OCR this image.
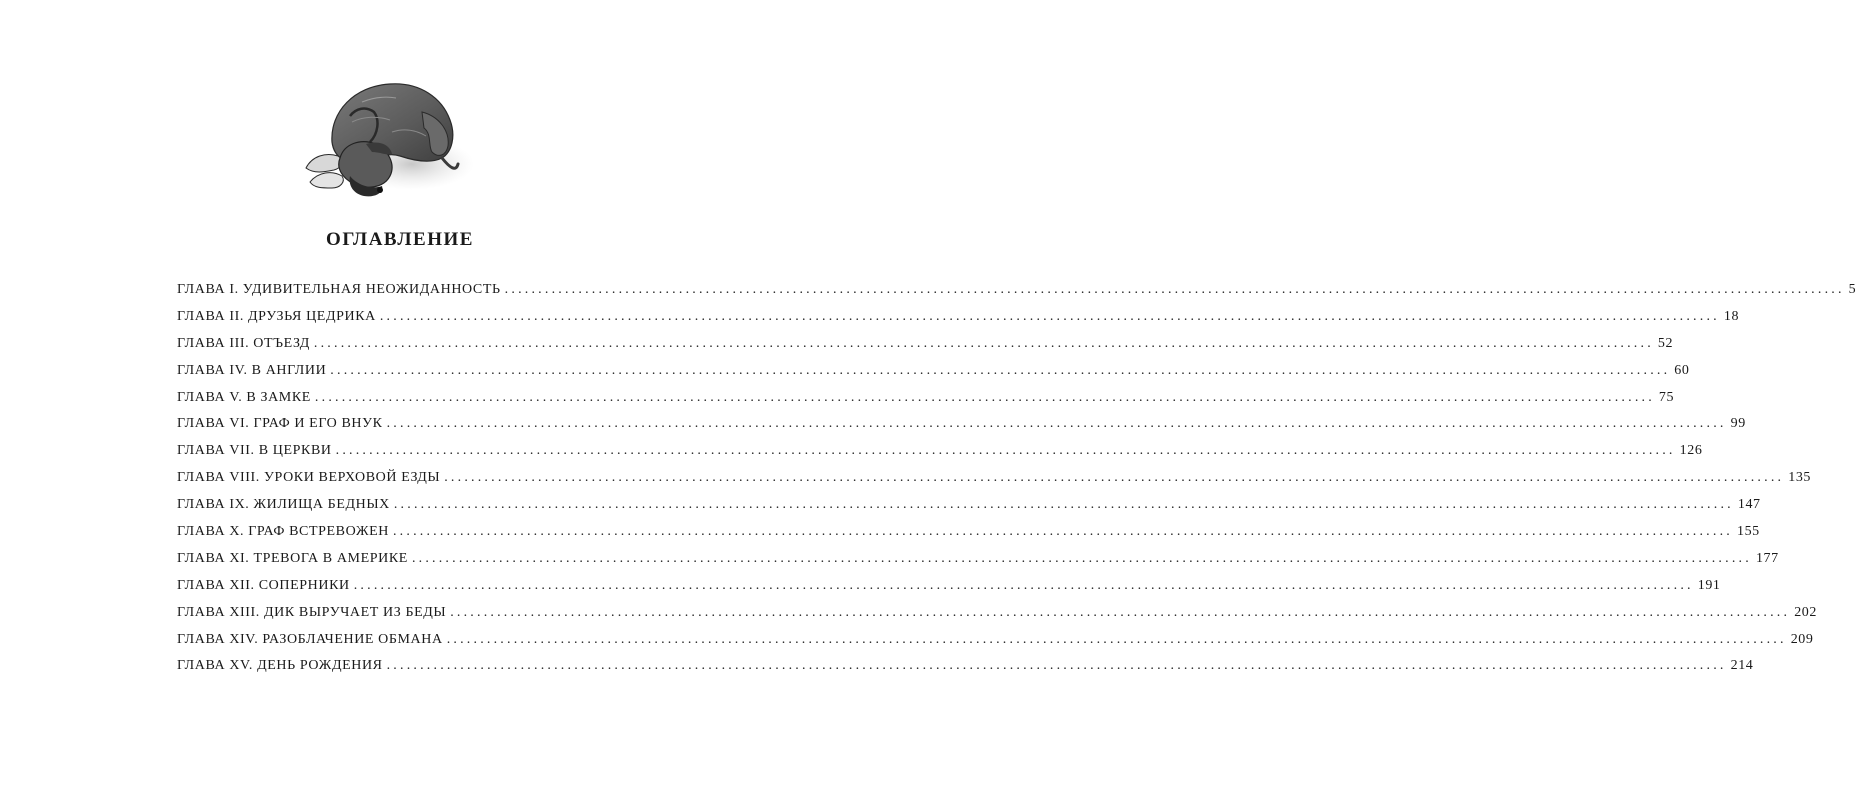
ОГЛАВЛЕНИЕ
ГЛАВА I. УДИВИТЕЛЬНАЯ НЕОЖИДАННОСТЬ ........................................................................................................................................................................................................ 5
ГЛАВА II. ДРУЗЬЯ ЦЕДРИКА ........................................................................................................................................................................................................ 18
ГЛАВА III. ОТЪЕЗД ........................................................................................................................................................................................................ 52
ГЛАВА IV. В АНГЛИИ ........................................................................................................................................................................................................ 60
ГЛАВА V. В ЗАМКЕ ........................................................................................................................................................................................................ 75
ГЛАВА VI. ГРАФ И ЕГО ВНУК ........................................................................................................................................................................................................ 99
ГЛАВА VII. В ЦЕРКВИ ........................................................................................................................................................................................................ 126
ГЛАВА VIII. УРОКИ ВЕРХОВОЙ ЕЗДЫ ........................................................................................................................................................................................................ 135
ГЛАВА IX. ЖИЛИЩА БЕДНЫХ ........................................................................................................................................................................................................ 147
ГЛАВА X. ГРАФ ВСТРЕВОЖЕН ........................................................................................................................................................................................................ 155
ГЛАВА XI. ТРЕВОГА В АМЕРИКЕ ........................................................................................................................................................................................................ 177
ГЛАВА XII. СОПЕРНИКИ ........................................................................................................................................................................................................ 191
ГЛАВА XIII. ДИК ВЫРУЧАЕТ ИЗ БЕДЫ ........................................................................................................................................................................................................ 202
ГЛАВА XIV. РАЗОБЛАЧЕНИЕ ОБМАНА ........................................................................................................................................................................................................ 209
ГЛАВА XV. ДЕНЬ РОЖДЕНИЯ ........................................................................................................................................................................................................ 214
